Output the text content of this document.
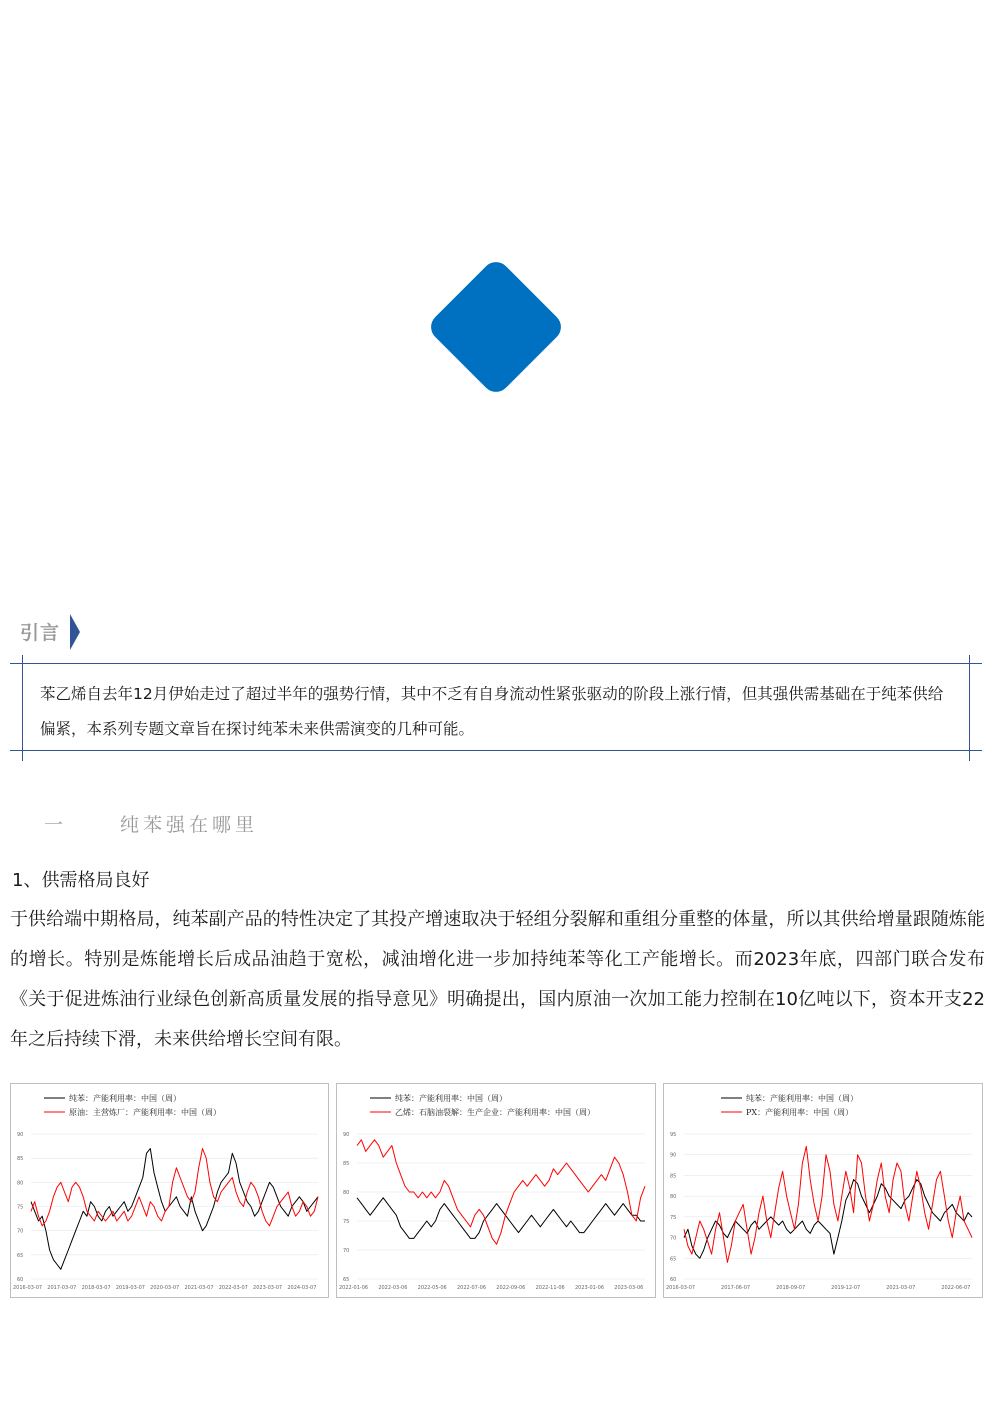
引言
苯乙烯自去年12月伊始走过了超过半年的强势行情，其中不乏有自身流动性紧张驱动的阶段上涨行情，但其强供需基础在于纯苯供给偏紧，本系列专题文章旨在探讨纯苯未来供需演变的几种可能。
一	纯苯强在哪里
1、供需格局良好
于供给端中期格局，纯苯副产品的特性决定了其投产增速取决于轻组分裂解和重组分重整的体量，所以其供给增量跟随炼能的增长。特别是炼能增长后成品油趋于宽松，减油增化进一步加持纯苯等化工产能增长。而2023年底，四部门联合发布《关于促进炼油行业绿色创新高质量发展的指导意见》明确提出，国内原油一次加工能力控制在10亿吨以下，资本开支22年之后持续下滑，未来供给增长空间有限。
纯苯：产能利用率：中国（周）
原油：主营炼厂：产能利用率：中国（周）
90
85
80
75
70
65
60
2016-03-07 2017-03-07 2018-03-07 2019-03-07 2020-03-07 2021-03-07 2022-03-07 2023-03-07 2024-03-07
纯苯：产能利用率：中国（周）
乙烯：石脑油裂解：生产企业：产能利用率：中国（周）
90
85
80
75
70
65
2022-01-06 2022-03-06 2022-05-06 2022-07-06 2022-09-06 2022-11-06 2023-01-06 2023-03-06
纯苯：产能利用率：中国（周）
PX：产能利用率：中国（周）
95
90
85
80
75
70
65
60
2016-03-07	2017-06-07	2018-09-07	2019-12-07	2021-03-07	2022-06-07
